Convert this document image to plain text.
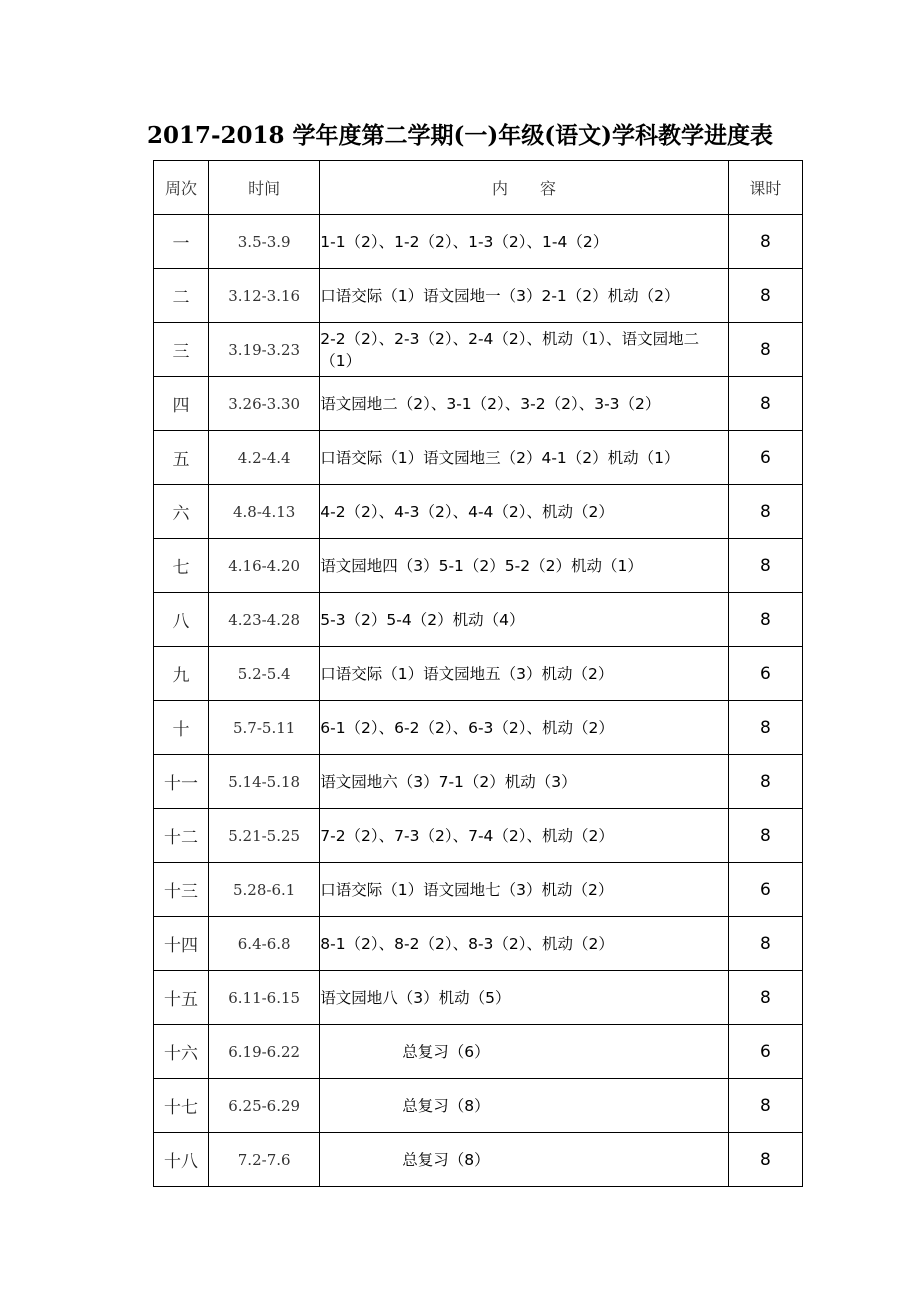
2017-2018 学年度第二学期(一)年级(语文)学科教学进度表
周次	时间	内　　容	课时
一	3.5-3.9	1-1（2）、1-2（2）、1-3（2）、1-4（2）	8
二	3.12-3.16	口语交际（1）语文园地一（3）2-1（2）机动（2）	8
三	3.19-3.23	2-2（2）、2-3（2）、2-4（2）、机动（1）、语文园地二（1）	8
四	3.26-3.30	语文园地二（2）、3-1（2）、3-2（2）、3-3（2）	8
五	4.2-4.4	口语交际（1）语文园地三（2）4-1（2）机动（1）	6
六	4.8-4.13	4-2（2）、4-3（2）、4-4（2）、机动（2）	8
七	4.16-4.20	语文园地四（3）5-1（2）5-2（2）机动（1）	8
八	4.23-4.28	5-3（2）5-4（2）机动（4）	8
九	5.2-5.4	口语交际（1）语文园地五（3）机动（2）	6
十	5.7-5.11	6-1（2）、6-2（2）、6-3（2）、机动（2）	8
十一	5.14-5.18	语文园地六（3）7-1（2）机动（3）	8
十二	5.21-5.25	7-2（2）、7-3（2）、7-4（2）、机动（2）	8
十三	5.28-6.1	口语交际（1）语文园地七（3）机动（2）	6
十四	6.4-6.8	8-1（2）、8-2（2）、8-3（2）、机动（2）	8
十五	6.11-6.15	语文园地八（3）机动（5）	8
十六	6.19-6.22	总复习（6）	6
十七	6.25-6.29	总复习（8）	8
十八	7.2-7.6	总复习（8）	8
